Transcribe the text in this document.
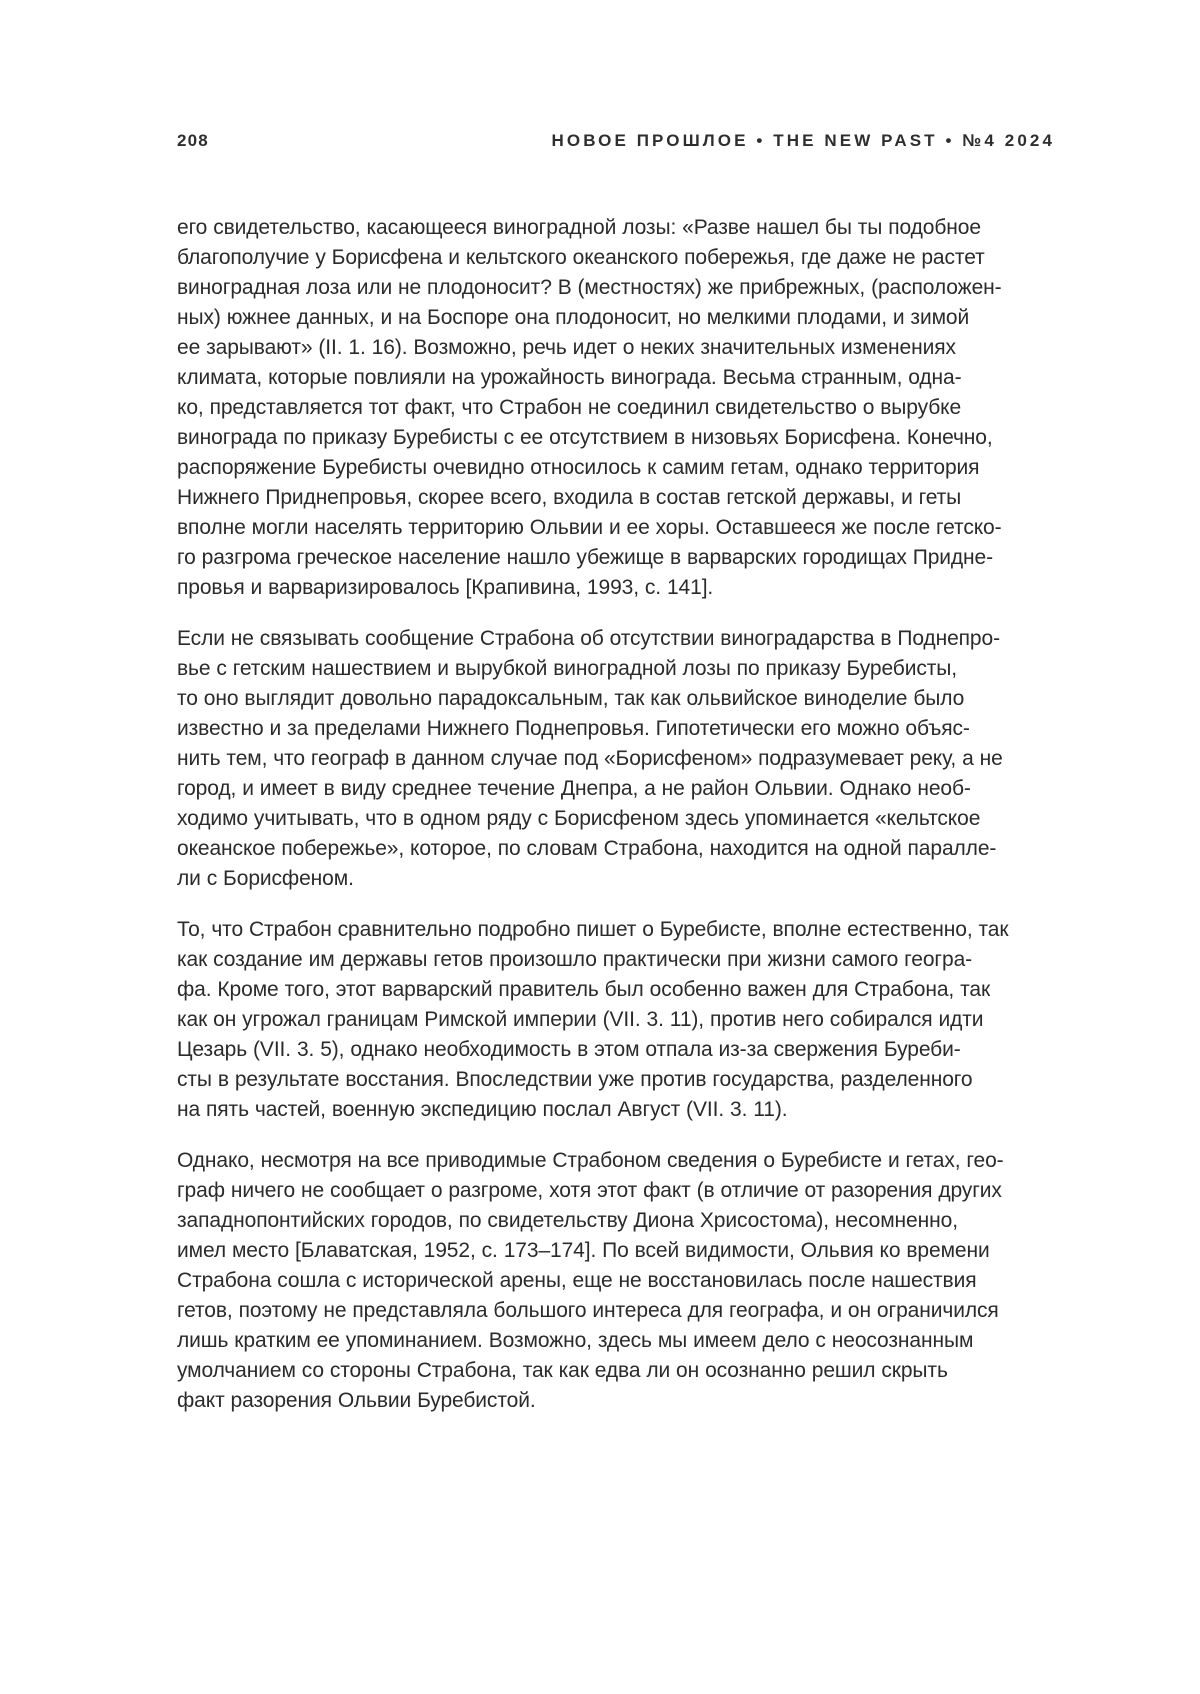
208	НОВОЕ ПРОШЛОЕ • THE NEW PAST • №4 2024
его свидетельство, касающееся виноградной лозы: «Разве нашел бы ты подобное
благополучие у Борисфена и кельтского океанского побережья, где даже не растет
виноградная лоза или не плодоносит? В (местностях) же прибрежных, (расположен-
ных) южнее данных, и на Боспоре она плодоносит, но мелкими плодами, и зимой
ее зарывают» (II. 1. 16). Возможно, речь идет о неких значительных изменениях
климата, которые повлияли на урожайность винограда. Весьма странным, одна-
ко, представляется тот факт, что Страбон не соединил свидетельство о вырубке
винограда по приказу Буребисты с ее отсутствием в низовьях Борисфена. Конечно,
распоряжение Буребисты очевидно относилось к самим гетам, однако территория
Нижнего Приднепровья, скорее всего, входила в состав гетской державы, и геты
вполне могли населять территорию Ольвии и ее хоры. Оставшееся же после гетско-
го разгрома греческое население нашло убежище в варварских городищах Придне-
провья и варваризировалось [Крапивина, 1993, с. 141].
Если не связывать сообщение Страбона об отсутствии виноградарства в Поднепро-
вье с гетским нашествием и вырубкой виноградной лозы по приказу Буребисты,
то оно выглядит довольно парадоксальным, так как ольвийское виноделие было
известно и за пределами Нижнего Поднепровья. Гипотетически его можно объяс-
нить тем, что географ в данном случае под «Борисфеном» подразумевает реку, а не
город, и имеет в виду среднее течение Днепра, а не район Ольвии. Однако необ-
ходимо учитывать, что в одном ряду с Борисфеном здесь упоминается «кельтское
океанское побережье», которое, по словам Страбона, находится на одной паралле-
ли с Борисфеном.
То, что Страбон сравнительно подробно пишет о Буребисте, вполне естественно, так
как создание им державы гетов произошло практически при жизни самого геогра-
фа. Кроме того, этот варварский правитель был особенно важен для Страбона, так
как он угрожал границам Римской империи (VII. 3. 11), против него собирался идти
Цезарь (VII. 3. 5), однако необходимость в этом отпала из-за свержения Буреби-
сты в результате восстания. Впоследствии уже против государства, разделенного
на пять частей, военную экспедицию послал Август (VII. 3. 11).
Однако, несмотря на все приводимые Страбоном сведения о Буребисте и гетах, гео-
граф ничего не сообщает о разгроме, хотя этот факт (в отличие от разорения других
западнопонтийских городов, по свидетельству Диона Хрисостома), несомненно,
имел место [Блаватская, 1952, с. 173–174]. По всей видимости, Ольвия ко времени
Страбона сошла с исторической арены, еще не восстановилась после нашествия
гетов, поэтому не представляла большого интереса для географа, и он ограничился
лишь кратким ее упоминанием. Возможно, здесь мы имеем дело с неосознанным
умолчанием со стороны Страбона, так как едва ли он осознанно решил скрыть
факт разорения Ольвии Буребистой.
